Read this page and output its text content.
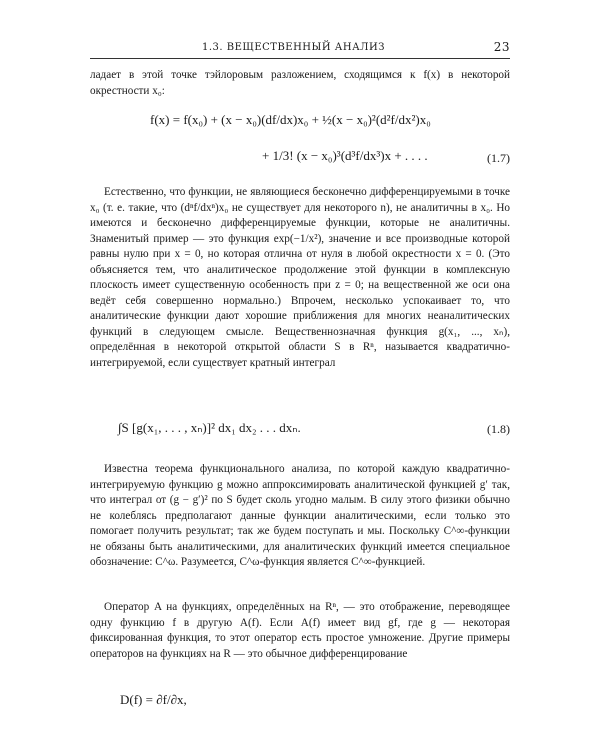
1.3. ВЕЩЕСТВЕННЫЙ АНАЛИЗ	23
ладает в этой точке тэйлоровым разложением, сходящимся к f(x) в некоторой окрестности x₀:
f(x) = f(x₀) + (x − x₀)(df/dx)x₀ + ½(x − x₀)²(d²f/dx²)x₀
+ 1/3! (x − x₀)³(d³f/dx³)x + . . . .	(1.7)
Естественно, что функции, не являющиеся бесконечно дифференцируемыми в точке x₀ (т. е. такие, что (dⁿf/dxⁿ)x₀ не существует для некоторого n), не аналитичны в x₀. Но имеются и бесконечно дифференцируемые функции, которые не аналитичны. Знаменитый пример — это функция exp(−1/x²), значение и все производные которой равны нулю при x = 0, но которая отлична от нуля в любой окрестности x = 0. (Это объясняется тем, что аналитическое продолжение этой функции в комплексную плоскость имеет существенную особенность при z = 0; на вещественной же оси она ведёт себя совершенно нормально.) Впрочем, несколько успокаивает то, что аналитические функции дают хорошие приближения для многих неаналитических функций в следующем смысле. Вещественнозначная функция g(x₁, ..., xₙ), определённая в некоторой открытой области S в Rⁿ, называется квадратично-интегрируемой, если существует кратный интеграл
∫S [g(x₁, . . . , xₙ)]² dx₁ dx₂ . . . dxₙ.	(1.8)
Известна теорема функционального анализа, по которой каждую квадратично-интегрируемую функцию g можно аппроксимировать аналитической функцией g′ так, что интеграл от (g − g′)² по S будет сколь угодно малым. В силу этого физики обычно не колеблясь предполагают данные функции аналитическими, если только это помогает получить результат; так же будем поступать и мы. Поскольку C^∞-функции не обязаны быть аналитическими, для аналитических функций имеется специальное обозначение: C^ω. Разумеется, C^ω-функция является C^∞-функцией.
Оператор A на функциях, определённых на Rⁿ, — это отображение, переводящее одну функцию f в другую A(f). Если A(f) имеет вид gf, где g — некоторая фиксированная функция, то этот оператор есть простое умножение. Другие примеры операторов на функциях на R — это обычное дифференцирование
D(f) = ∂f/∂x,
